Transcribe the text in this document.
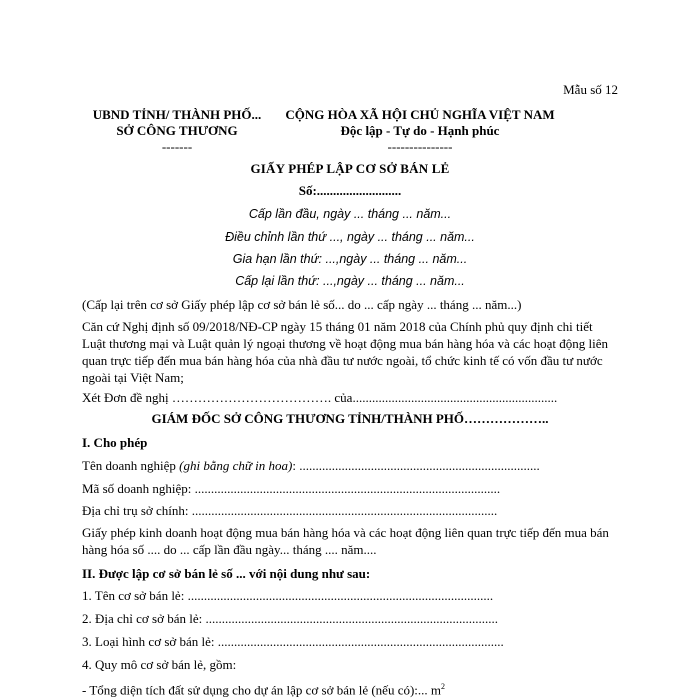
Mẫu số 12
UBND TỈNH/ THÀNH PHỐ...
SỞ CÔNG THƯƠNG
-------
CỘNG HÒA XÃ HỘI CHỦ NGHĨA VIỆT NAM
Độc lập - Tự do - Hạnh phúc
---------------
GIẤY PHÉP LẬP CƠ SỞ BÁN LẺ
Số:..........................
Cấp lần đầu, ngày ... tháng ... năm...
Điều chỉnh lần thứ ..., ngày ... tháng ... năm...
Gia hạn lần thứ: ...,ngày ... tháng ... năm...
Cấp lại lần thứ: ...,ngày ... tháng ... năm...
(Cấp lại trên cơ sở Giấy phép lập cơ sở bán lẻ số... do ... cấp ngày ... tháng ... năm...)
Căn cứ Nghị định số 09/2018/NĐ-CP ngày 15 tháng 01 năm 2018 của Chính phủ quy định chi tiết Luật thương mại và Luật quản lý ngoại thương về hoạt động mua bán hàng hóa và các hoạt động liên quan trực tiếp đến mua bán hàng hóa của nhà đầu tư nước ngoài, tổ chức kinh tế có vốn đầu tư nước ngoài tại Việt Nam;
Xét Đơn đề nghị ………………………………. của...............................................................
GIÁM ĐỐC SỞ CÔNG THƯƠNG TỈNH/THÀNH PHỐ………………..
I. Cho phép
Tên doanh nghiệp (ghi bằng chữ in hoa): ..........................................................................
Mã số doanh nghiệp: ..............................................................................................
Địa chỉ trụ sở chính: ..............................................................................................
Giấy phép kinh doanh hoạt động mua bán hàng hóa và các hoạt động liên quan trực tiếp đến mua bán hàng hóa số .... do ... cấp lần đầu ngày... tháng .... năm....
II. Được lập cơ sở bán lẻ số ... với nội dung như sau:
1. Tên cơ sở bán lẻ: ..............................................................................................
2. Địa chỉ cơ sở bán lẻ: ..........................................................................................
3. Loại hình cơ sở bán lẻ: ........................................................................................
4. Quy mô cơ sở bán lẻ, gồm:
- Tổng diện tích đất sử dụng cho dự án lập cơ sở bán lẻ (nếu có):... $m^2$
